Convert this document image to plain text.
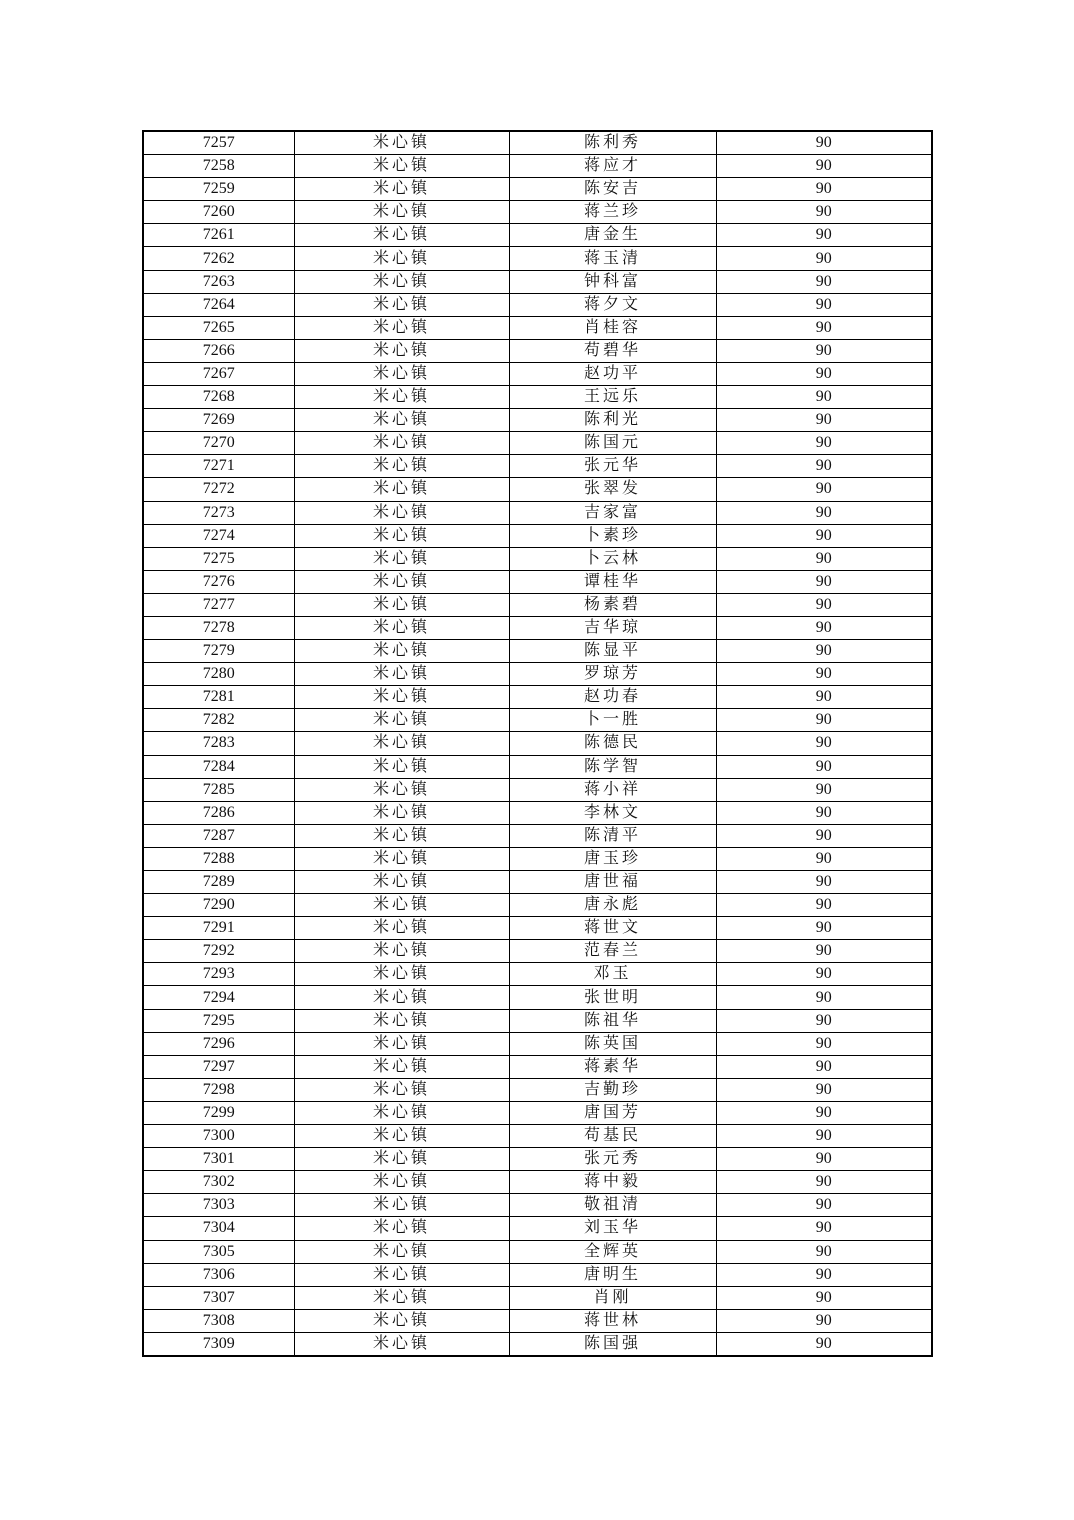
7257	米心镇	陈利秀	90
7258	米心镇	蒋应才	90
7259	米心镇	陈安吉	90
7260	米心镇	蒋兰珍	90
7261	米心镇	唐金生	90
7262	米心镇	蒋玉清	90
7263	米心镇	钟科富	90
7264	米心镇	蒋夕文	90
7265	米心镇	肖桂容	90
7266	米心镇	苟碧华	90
7267	米心镇	赵功平	90
7268	米心镇	王远乐	90
7269	米心镇	陈利光	90
7270	米心镇	陈国元	90
7271	米心镇	张元华	90
7272	米心镇	张翠发	90
7273	米心镇	吉家富	90
7274	米心镇	卜素珍	90
7275	米心镇	卜云林	90
7276	米心镇	谭桂华	90
7277	米心镇	杨素碧	90
7278	米心镇	吉华琼	90
7279	米心镇	陈显平	90
7280	米心镇	罗琼芳	90
7281	米心镇	赵功春	90
7282	米心镇	卜一胜	90
7283	米心镇	陈德民	90
7284	米心镇	陈学智	90
7285	米心镇	蒋小祥	90
7286	米心镇	李林文	90
7287	米心镇	陈清平	90
7288	米心镇	唐玉珍	90
7289	米心镇	唐世福	90
7290	米心镇	唐永彪	90
7291	米心镇	蒋世文	90
7292	米心镇	范春兰	90
7293	米心镇	邓玉	90
7294	米心镇	张世明	90
7295	米心镇	陈祖华	90
7296	米心镇	陈英国	90
7297	米心镇	蒋素华	90
7298	米心镇	吉勤珍	90
7299	米心镇	唐国芳	90
7300	米心镇	苟基民	90
7301	米心镇	张元秀	90
7302	米心镇	蒋中毅	90
7303	米心镇	敬祖清	90
7304	米心镇	刘玉华	90
7305	米心镇	全辉英	90
7306	米心镇	唐明生	90
7307	米心镇	肖刚	90
7308	米心镇	蒋世林	90
7309	米心镇	陈国强	90
